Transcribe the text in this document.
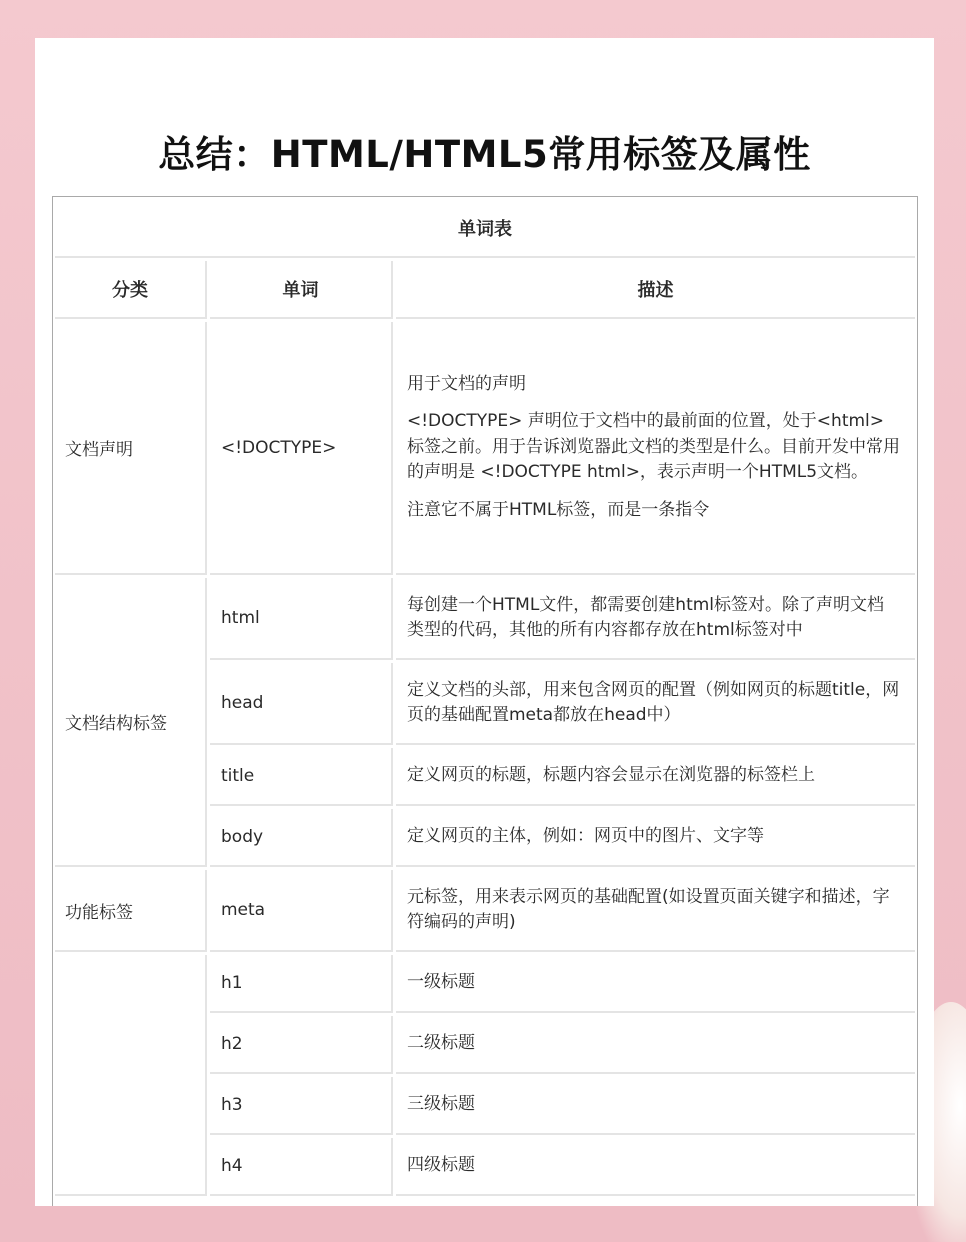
总结：HTML/HTML5常用标签及属性
单词表		
分类	单词	描述
文档声明	<!DOCTYPE>	用于文档的声明
<!DOCTYPE> 声明位于文档中的最前面的位置，处于<html> 标签之前。用于告诉浏览器此文档的类型是什么。目前开发中常用的声明是 <!DOCTYPE html>，表示声明一个HTML5文档。
注意它不属于HTML标签，而是一条指令

文档结构标签	html	每创建一个HTML文件，都需要创建html标签对。除了声明文档类型的代码，其他的所有内容都存放在html标签对中

	head	定义文档的头部，用来包含网页的配置（例如网页的标题title，网页的基础配置meta都放在head中）

	title	定义网页的标题，标题内容会显示在浏览器的标签栏上

	body	定义网页的主体，例如：网页中的图片、文字等

功能标签	meta	元标签，用来表示网页的基础配置(如设置页面关键字和描述，字符编码的声明)

	h1	一级标题

	h2	二级标题

	h3	三级标题

	h4	四级标题
